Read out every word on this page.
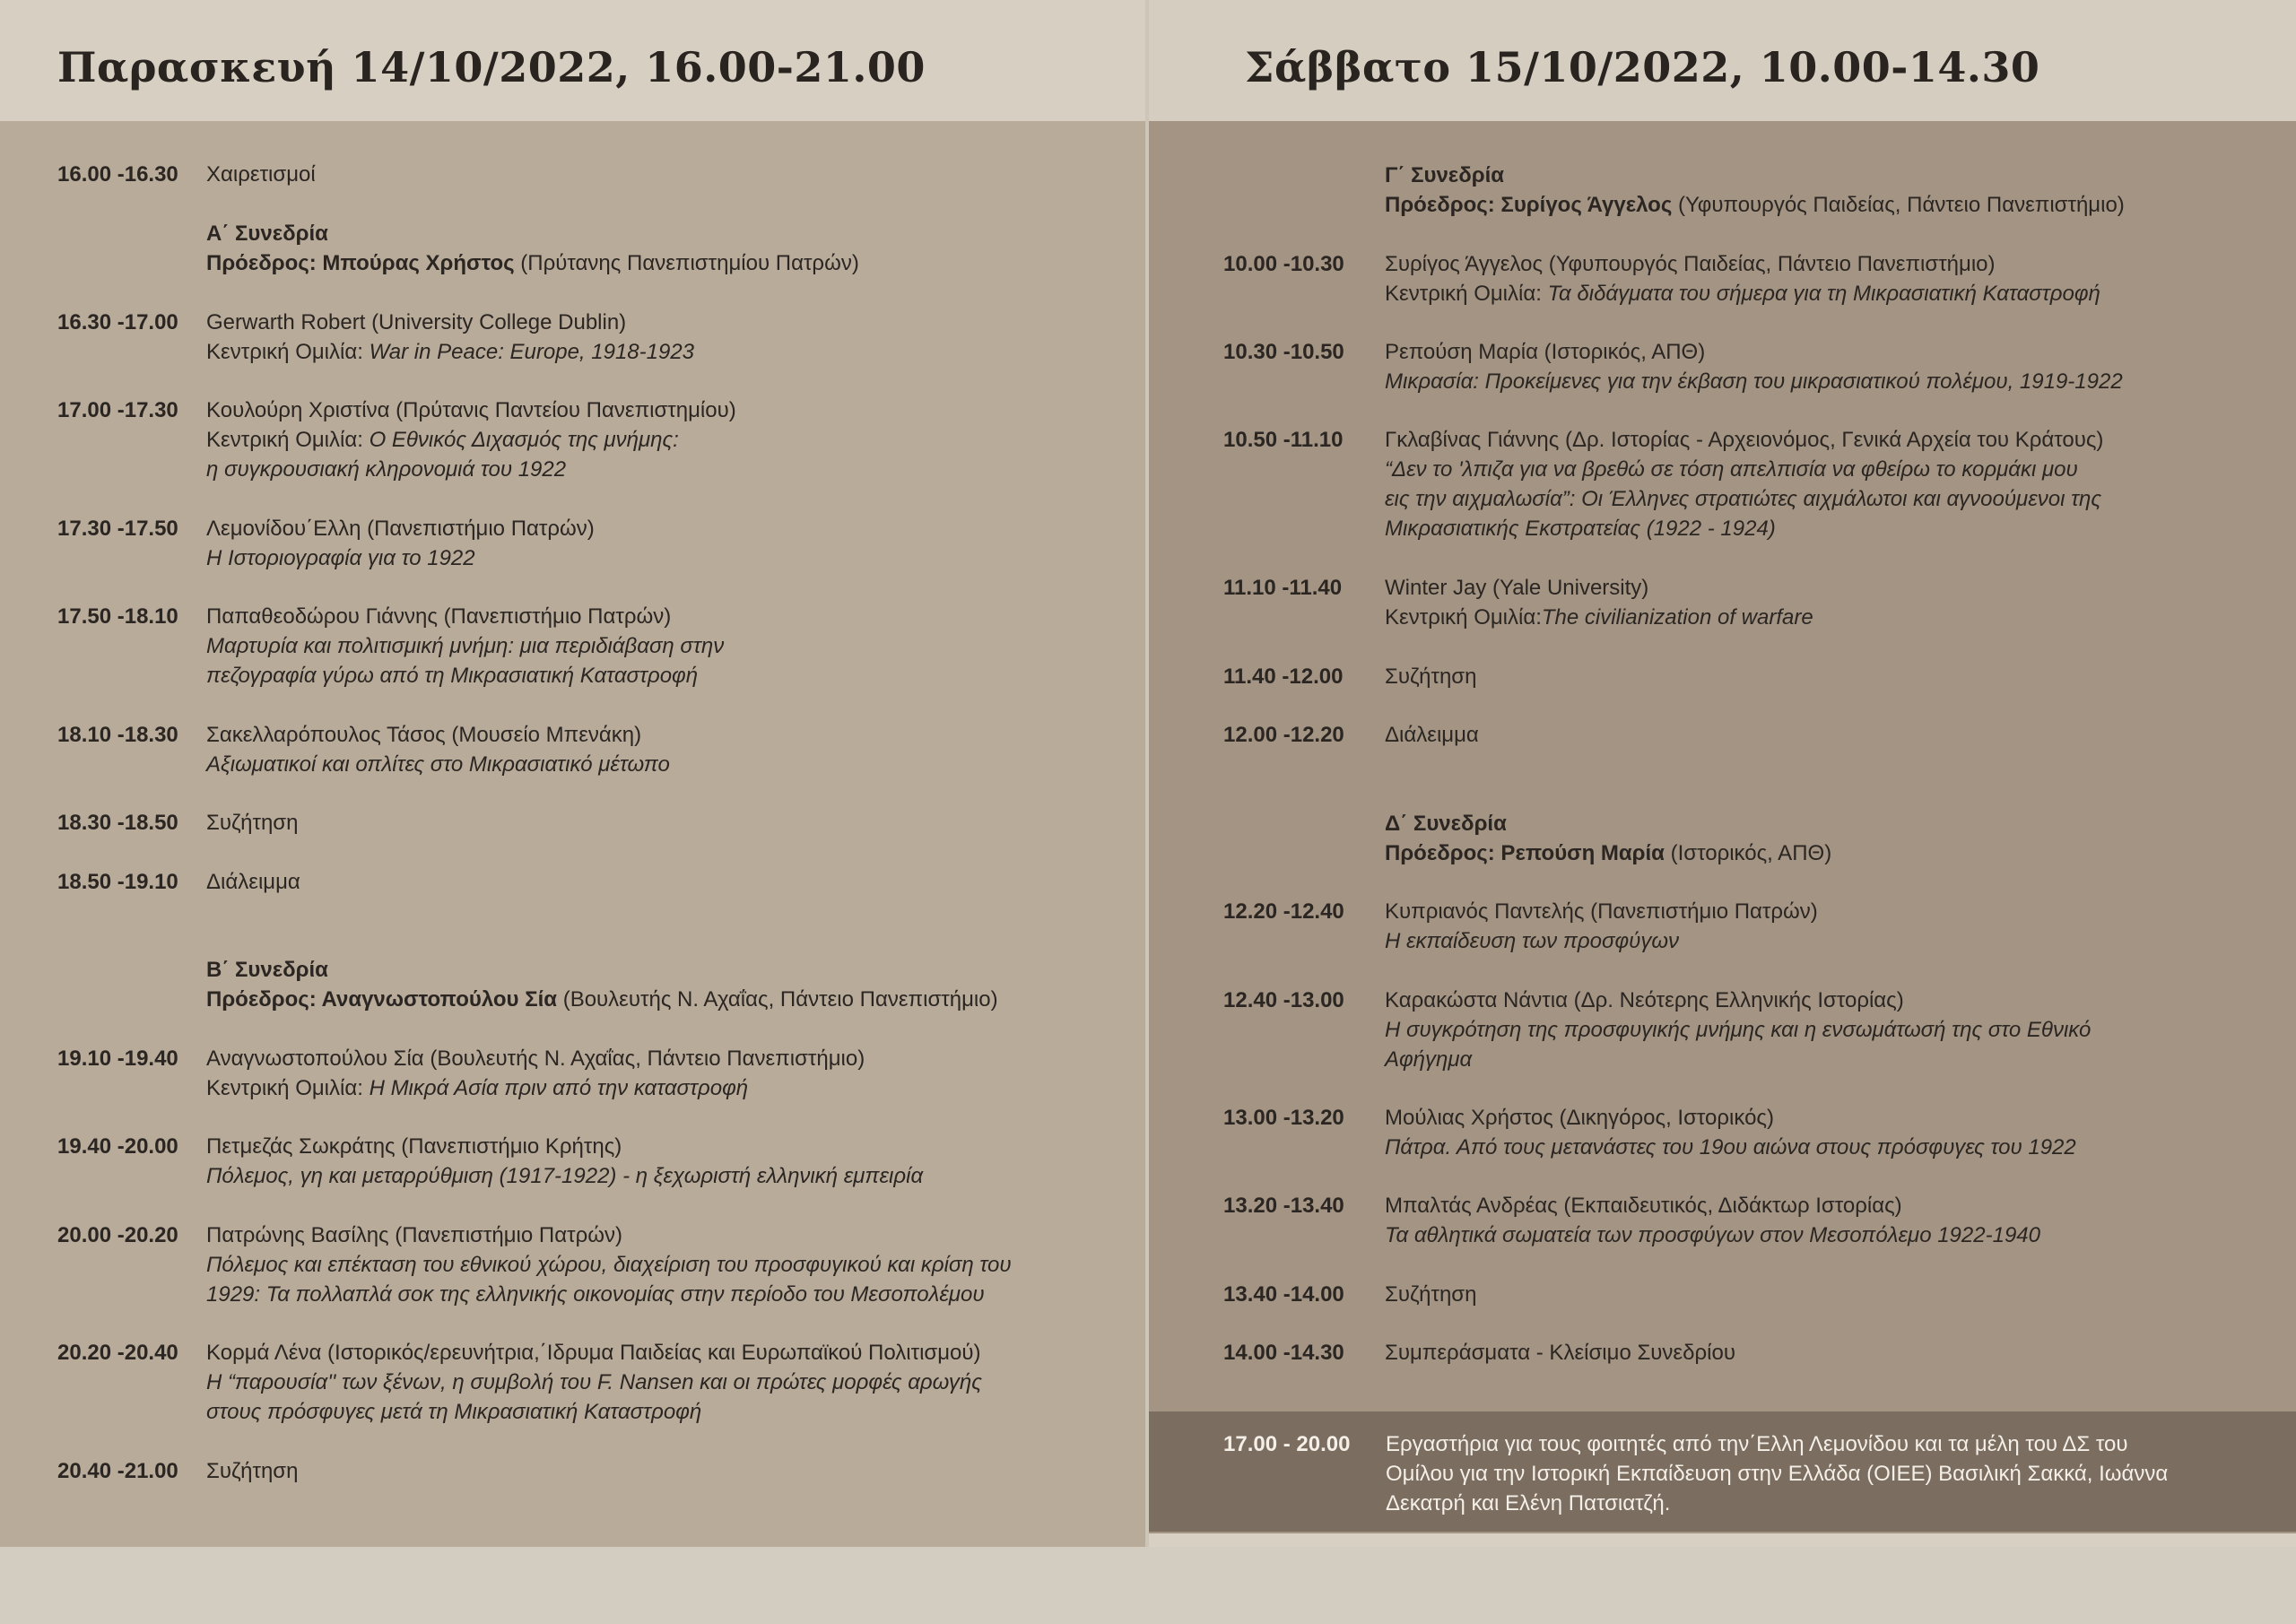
Παρασκευή 14/10/2022, 16.00-21.00	Σάββατο 15/10/2022, 10.00-14.30
16.00 -16.30 Χαιρετισμοί
Α΄ Συνεδρία
Πρόεδρος: Μπούρας Χρήστος (Πρύτανης Πανεπιστημίου Πατρών)
16.30 -17.00 Gerwarth Robert (University College Dublin)
Κεντρική Ομιλία: War in Peace: Europe, 1918-1923
17.00 -17.30 Κουλούρη Χριστίνα (Πρύτανις Παντείου Πανεπιστημίου)
Κεντρική Ομιλία: Ο Εθνικός Διχασμός της μνήμης:
η συγκρουσιακή κληρονομιά του 1922
17.30 -17.50 Λεμονίδου΄Ελλη (Πανεπιστήμιο Πατρών)
Η Ιστοριογραφία για το 1922
17.50 -18.10 Παπαθεοδώρου Γιάννης (Πανεπιστήμιο Πατρών)
Μαρτυρία και πολιτισμική μνήμη: μια περιδιάβαση στην
πεζογραφία γύρω από τη Μικρασιατική Καταστροφή
18.10 -18.30 Σακελλαρόπουλος Τάσος (Μουσείο Μπενάκη)
Αξιωματικοί και οπλίτες στο Μικρασιατικό μέτωπο
18.30 -18.50 Συζήτηση
18.50 -19.10 Διάλειμμα
Β΄ Συνεδρία
Πρόεδρος: Αναγνωστοπούλου Σία (Βουλευτής Ν. Αχαΐας, Πάντειο Πανεπιστήμιο)
19.10 -19.40 Αναγνωστοπούλου Σία (Βουλευτής Ν. Αχαΐας, Πάντειο Πανεπιστήμιο)
Κεντρική Ομιλία: Η Μικρά Ασία πριν από την καταστροφή
19.40 -20.00 Πετμεζάς Σωκράτης (Πανεπιστήμιο Κρήτης)
Πόλεμος, γη και μεταρρύθμιση (1917-1922) - η ξεχωριστή ελληνική εμπειρία
20.00 -20.20 Πατρώνης Βασίλης (Πανεπιστήμιο Πατρών)
Πόλεμος και επέκταση του εθνικού χώρου, διαχείριση του προσφυγικού και κρίση του
1929: Τα πολλαπλά σοκ της ελληνικής οικονομίας στην περίοδο του Μεσοπολέμου
20.20 -20.40 Κορμά Λένα (Ιστορικός/ερευνήτρια,΄Ιδρυμα Παιδείας και Ευρωπαϊκού Πολιτισμού)
Η “παρουσία'' των ξένων, η συμβολή του F. Nansen και οι πρώτες μορφές αρωγής
στους πρόσφυγες μετά τη Μικρασιατική Καταστροφή
20.40 -21.00 Συζήτηση
Γ΄ Συνεδρία
Πρόεδρος: Συρίγος Άγγελος (Υφυπουργός Παιδείας, Πάντειο Πανεπιστήμιο)
10.00 -10.30 Συρίγος Άγγελος (Υφυπουργός Παιδείας, Πάντειο Πανεπιστήμιο)
Κεντρική Ομιλία: Τα διδάγματα του σήμερα για τη Μικρασιατική Καταστροφή
10.30 -10.50 Ρεπούση Μαρία (Ιστορικός, ΑΠΘ)
Μικρασία: Προκείμενες για την έκβαση του μικρασιατικού πολέμου, 1919-1922
10.50 -11.10 Γκλαβίνας Γιάννης (Δρ. Ιστορίας - Αρχειονόμος, Γενικά Αρχεία του Κράτους)
“Δεν το 'λπιζα για να βρεθώ σε τόση απελπισία να φθείρω το κορμάκι μου
εις την αιχμαλωσία”: Οι Έλληνες στρατιώτες αιχμάλωτοι και αγνοούμενοι της
Μικρασιατικής Εκστρατείας (1922 - 1924)
11.10 -11.40 Winter Jay (Yale University)
Κεντρική Ομιλία:The civilianization of warfare
11.40 -12.00 Συζήτηση
12.00 -12.20 Διάλειμμα
Δ΄ Συνεδρία
Πρόεδρος: Ρεπούση Μαρία (Ιστορικός, ΑΠΘ)
12.20 -12.40 Κυπριανός Παντελής (Πανεπιστήμιο Πατρών)
Η εκπαίδευση των προσφύγων
12.40 -13.00 Καρακώστα Νάντια (Δρ. Νεότερης Ελληνικής Ιστορίας)
Η συγκρότηση της προσφυγικής μνήμης και η ενσωμάτωσή της στο Εθνικό
Αφήγημα
13.00 -13.20 Μούλιας Χρήστος (Δικηγόρος, Ιστορικός)
Πάτρα. Από τους μετανάστες του 19ου αιώνα στους πρόσφυγες του 1922
13.20 -13.40 Μπαλτάς Ανδρέας (Εκπαιδευτικός, Διδάκτωρ Ιστορίας)
Τα αθλητικά σωματεία των προσφύγων στον Μεσοπόλεμο 1922-1940
13.40 -14.00 Συζήτηση
14.00 -14.30 Συμπεράσματα - Κλείσιμο Συνεδρίου
17.00 - 20.00 Εργαστήρια για τους φοιτητές από την΄Ελλη Λεμονίδου και τα μέλη του ΔΣ του
Ομίλου για την Ιστορική Εκπαίδευση στην Ελλάδα (ΟΙΕΕ) Βασιλική Σακκά, Ιωάννα
Δεκατρή και Ελένη Πατσιατζή.
